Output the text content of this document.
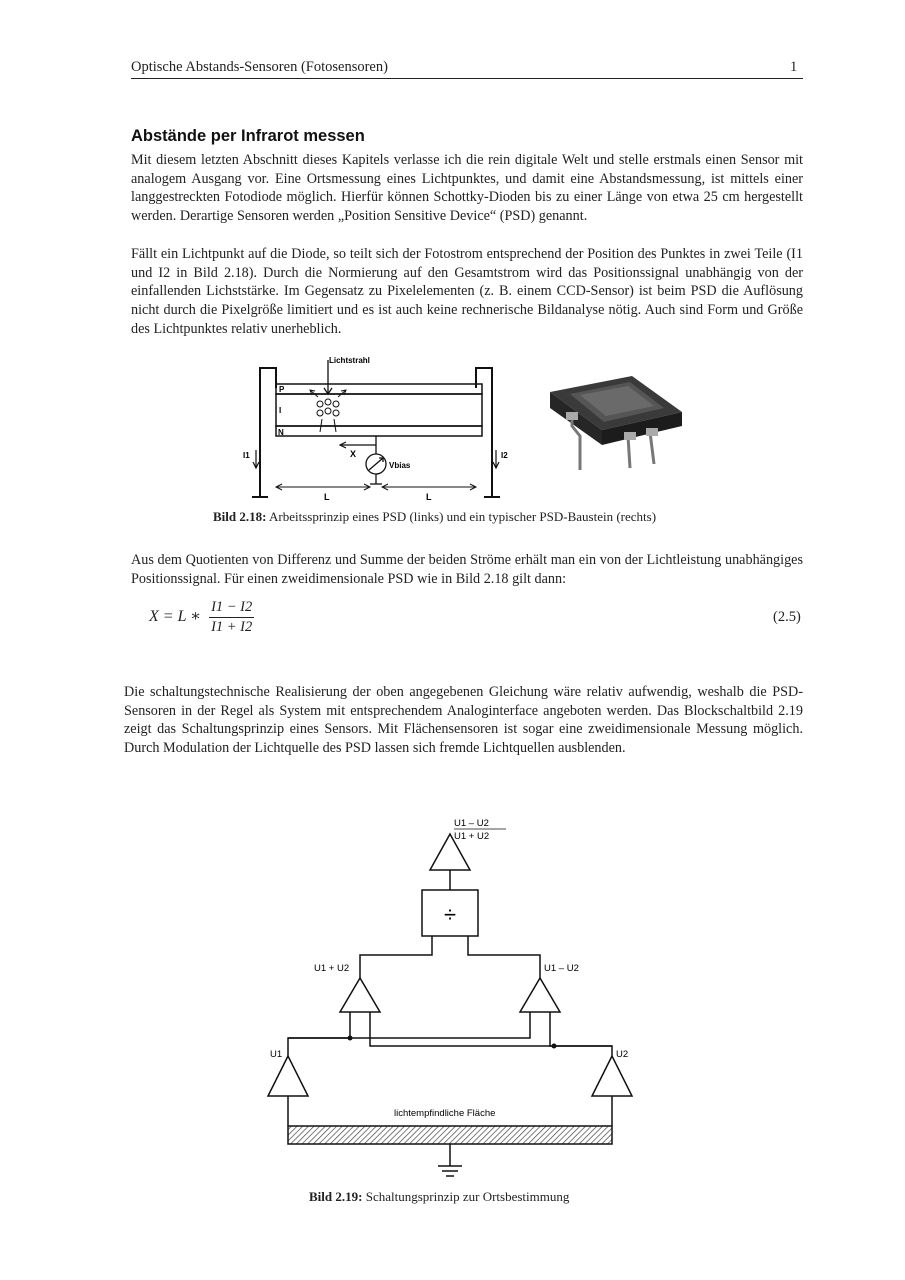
Optische Abstands-Sensoren (Fotosensoren)	1
Abstände per Infrarot messen
Mit diesem letzten Abschnitt dieses Kapitels verlasse ich die rein digitale Welt und stelle erstmals einen Sensor mit analogem Ausgang vor. Eine Ortsmessung eines Lichtpunktes, und damit eine Abstandsmessung, ist mittels einer langgestreckten Fotodiode möglich. Hierfür können Schottky-Dioden bis zu einer Länge von etwa 25 cm hergestellt werden. Derartige Sensoren werden „Position Sensitive Device“ (PSD) genannt.
Fällt ein Lichtpunkt auf die Diode, so teilt sich der Fotostrom entsprechend der Position des Punktes in zwei Teile (I1 und I2 in Bild 2.18). Durch die Normierung auf den Gesamtstrom wird das Positionssignal unabhängig von der einfallenden Lichststärke. Im Gegensatz zu Pixelelementen (z. B. einem CCD-Sensor) ist beim PSD die Auflösung nicht durch die Pixelgröße limitiert und es ist auch keine rechnerische Bildanalyse nötig. Auch sind Form und Größe des Lichtpunktes relativ unerheblich.
P
I
N
Lichtstrahl
X
Vbias
I1	I2
L	L
Bild 2.18: Arbeitssprinzip eines PSD (links) und ein typischer PSD-Baustein (rechts)
Aus dem Quotienten von Differenz und Summe der beiden Ströme erhält man ein von der Lichtleistung unabhängiges Positionssignal. Für einen zweidimensionale PSD wie in Bild 2.18 gilt dann:
X = L ∗ $\frac{I1 - I2}{I1 + I2}$	(2.5)
Die schaltungstechnische Realisierung der oben angegebenen Gleichung wäre relativ aufwendig, weshalb die PSD-Sensoren in der Regel als System mit entsprechendem Analoginterface angeboten werden. Das Blockschaltbild 2.19 zeigt das Schaltungsprinzip eines Sensors. Mit Flächensensoren ist sogar eine zweidimensionale Messung möglich. Durch Modulation der Lichtquelle des PSD lassen sich fremde Lichtquellen ausblenden.
U1 – U2
U1 + U2
÷
U1 + U2	U1 – U2
U1	U2
lichtempfindliche Fläche
Bild 2.19: Schaltungsprinzip zur Ortsbestimmung
